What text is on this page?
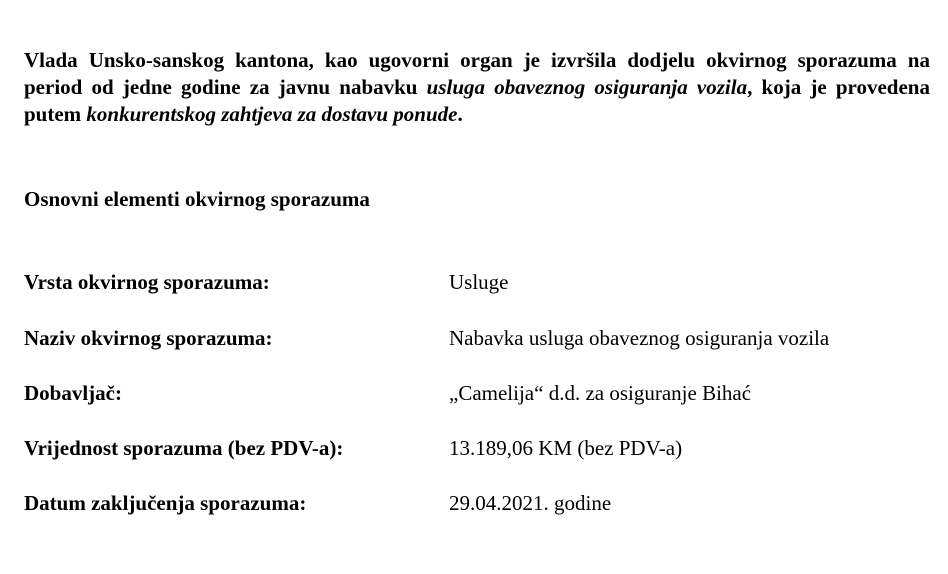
Vlada Unsko-sanskog kantona, kao ugovorni organ je izvršila dodjelu okvirnog sporazuma na period od jedne godine za javnu nabavku usluga obaveznog osiguranja vozila, koja je provedena putem konkurentskog zahtjeva za dostavu ponude.

Osnovni elementi okvirnog sporazuma
Vrsta okvirnog sporazuma:	Usluge
Naziv okvirnog sporazuma:	Nabavka usluga obaveznog osiguranja vozila
Dobavljač:	„Camelija“ d.d. za osiguranje Bihać
Vrijednost sporazuma (bez PDV-a):	13.189,06 KM (bez PDV-a)
Datum zaključenja sporazuma:	29.04.2021. godine
